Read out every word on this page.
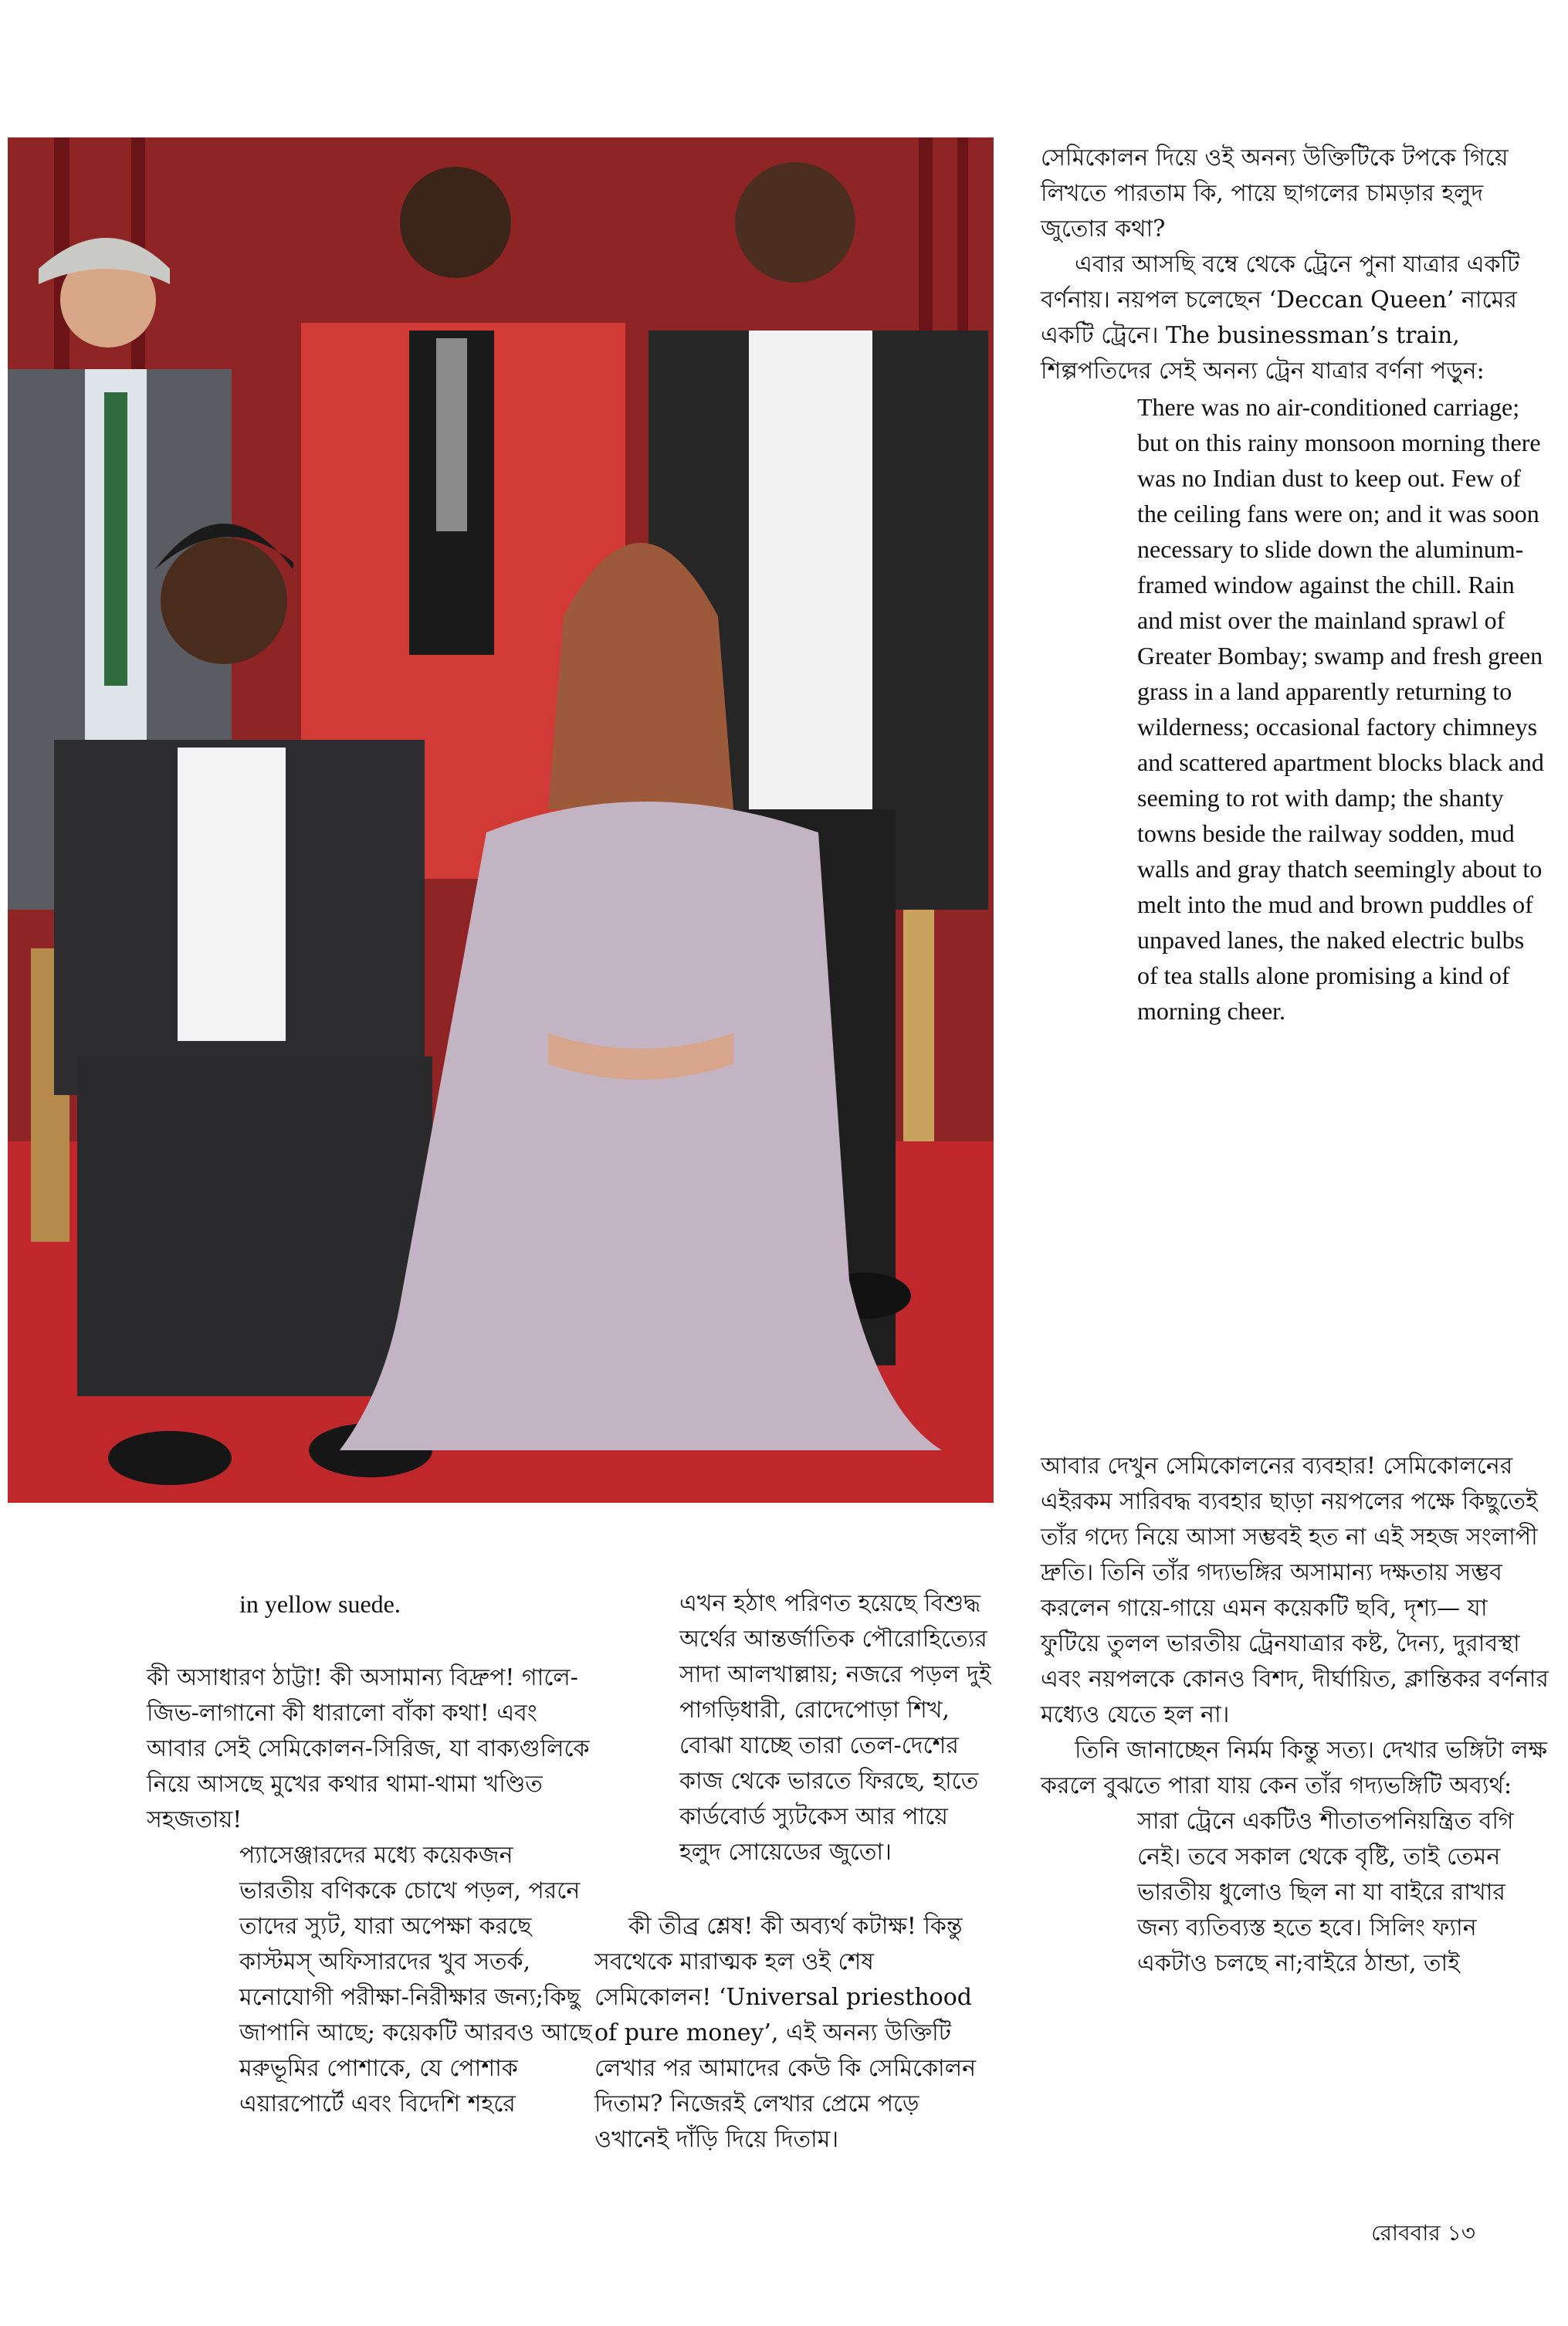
সেমিকোলন দিয়ে ওই অনন্য উক্তিটিকে টপকে গিয়ে লিখতে পারতাম কি, পায়ে ছাগলের চামড়ার হলুদ জুতোর কথা?

এবার আসছি বম্বে থেকে ট্রেনে পুনা যাত্রার একটি বর্ণনায়। নয়পল চলেছেন ‘Deccan Queen’ নামের একটি ট্রেনে। The businessman’s train, শিল্পপতিদের সেই অনন্য ট্রেন যাত্রার বর্ণনা পড়ুন:

There was no air-conditioned carriage; but on this rainy monsoon morning there was no Indian dust to keep out. Few of the ceiling fans were on; and it was soon necessary to slide down the aluminum-framed window against the chill. Rain and mist over the mainland sprawl of Greater Bombay; swamp and fresh green grass in a land apparently returning to wilderness; occasional factory chimneys and scattered apartment blocks black and seeming to rot with damp; the shanty towns beside the railway sodden, mud walls and gray thatch seemingly about to melt into the mud and brown puddles of unpaved lanes, the naked electric bulbs of tea stalls alone promising a kind of morning cheer.

আবার দেখুন সেমিকোলনের ব্যবহার! সেমিকোলনের এইরকম সারিবদ্ধ ব্যবহার ছাড়া নয়পলের পক্ষে কিছুতেই তাঁর গদ্যে নিয়ে আসা সম্ভবই হত না এই সহজ সংলাপী দ্রুতি। তিনি তাঁর গদ্যভঙ্গির অসামান্য দক্ষতায় সম্ভব করলেন গায়ে-গায়ে এমন কয়েকটি ছবি, দৃশ্য— যা ফুটিয়ে তুলল ভারতীয় ট্রেনযাত্রার কষ্ট, দৈন্য, দুরাবস্থা এবং নয়পলকে কোনও বিশদ, দীর্ঘায়িত, ক্লান্তিকর বর্ণনার মধ্যেও যেতে হল না।

তিনি জানাচ্ছেন নির্মম কিন্তু সত্য। দেখার ভঙ্গিটা লক্ষ করলে বুঝতে পারা যায় কেন তাঁর গদ্যভঙ্গিটি অব্যর্থ:

সারা ট্রেনে একটিও শীতাতপনিয়ন্ত্রিত বগি নেই। তবে সকাল থেকে বৃষ্টি, তাই তেমন ভারতীয় ধুলোও ছিল না যা বাইরে রাখার জন্য ব্যতিব্যস্ত হতে হবে। সিলিং ফ্যান একটাও চলছে না;বাইরে ঠান্ডা, তাই

in yellow suede.

কী অসাধারণ ঠাট্টা! কী অসামান্য বিদ্রুপ! গালে-জিভ-লাগানো কী ধারালো বাঁকা কথা! এবং আবার সেই সেমিকোলন-সিরিজ, যা বাক্যগুলিকে নিয়ে আসছে মুখের কথার থামা-থামা খণ্ডিত সহজতায়!

প্যাসেঞ্জারদের মধ্যে কয়েকজন ভারতীয় বণিককে চোখে পড়ল, পরনে তাদের স্যুট, যারা অপেক্ষা করছে কাস্টমস্ অফিসারদের খুব সতর্ক, মনোযোগী পরীক্ষা-নিরীক্ষার জন্য;কিছু জাপানি আছে; কয়েকটি আরবও আছে মরুভূমির পোশাকে, যে পোশাক এয়ারপোর্টে এবং বিদেশি শহরে

এখন হঠাৎ পরিণত হয়েছে বিশুদ্ধ অর্থের আন্তর্জাতিক পৌরোহিত্যের সাদা আলখাল্লায়; নজরে পড়ল দুই পাগড়িধারী, রোদেপোড়া শিখ, বোঝা যাচ্ছে তারা তেল-দেশের কাজ থেকে ভারতে ফিরছে, হাতে কার্ডবোর্ড স্যুটকেস আর পায়ে হলুদ সোয়েডের জুতো।

কী তীব্র শ্লেষ! কী অব্যর্থ কটাক্ষ! কিন্তু সবথেকে মারাত্মক হল ওই শেষ সেমিকোলন! ‘Universal priesthood of pure money’, এই অনন্য উক্তিটি লেখার পর আমাদের কেউ কি সেমিকোলন দিতাম? নিজেরই লেখার প্রেমে পড়ে ওখানেই দাঁড়ি দিয়ে দিতাম।

রোববার ১৩
